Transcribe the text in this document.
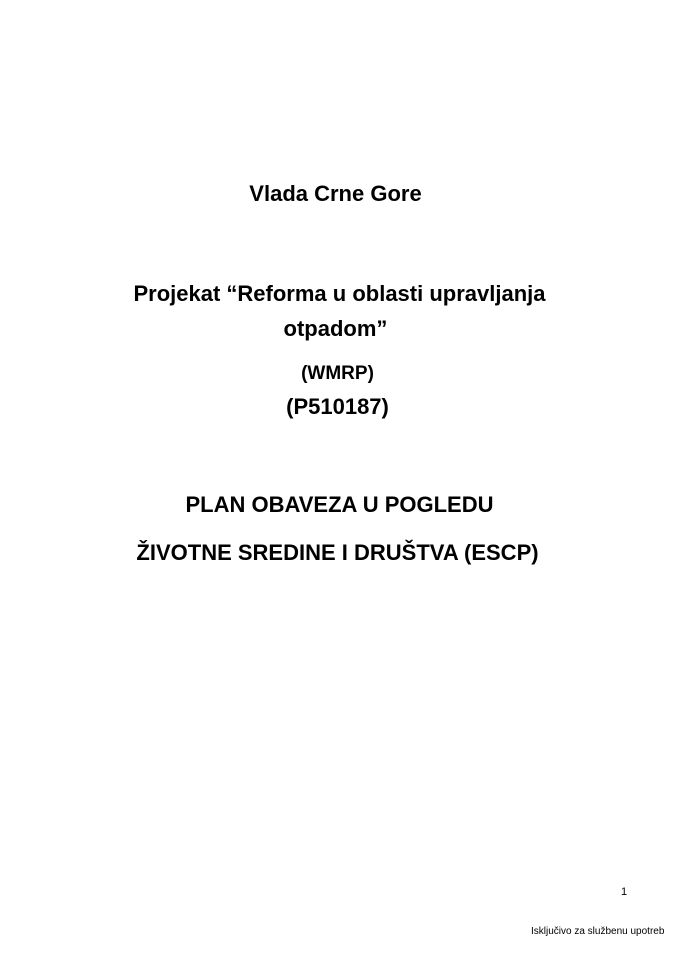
Vlada Crne Gore
Projekat “Reforma u oblasti upravljanja
otpadom”
(WMRP)
(P510187)
PLAN OBAVEZA U POGLEDU
ŽIVOTNE SREDINE I DRUŠTVA (ESCP)
1
Isključivo za službenu upotreb
